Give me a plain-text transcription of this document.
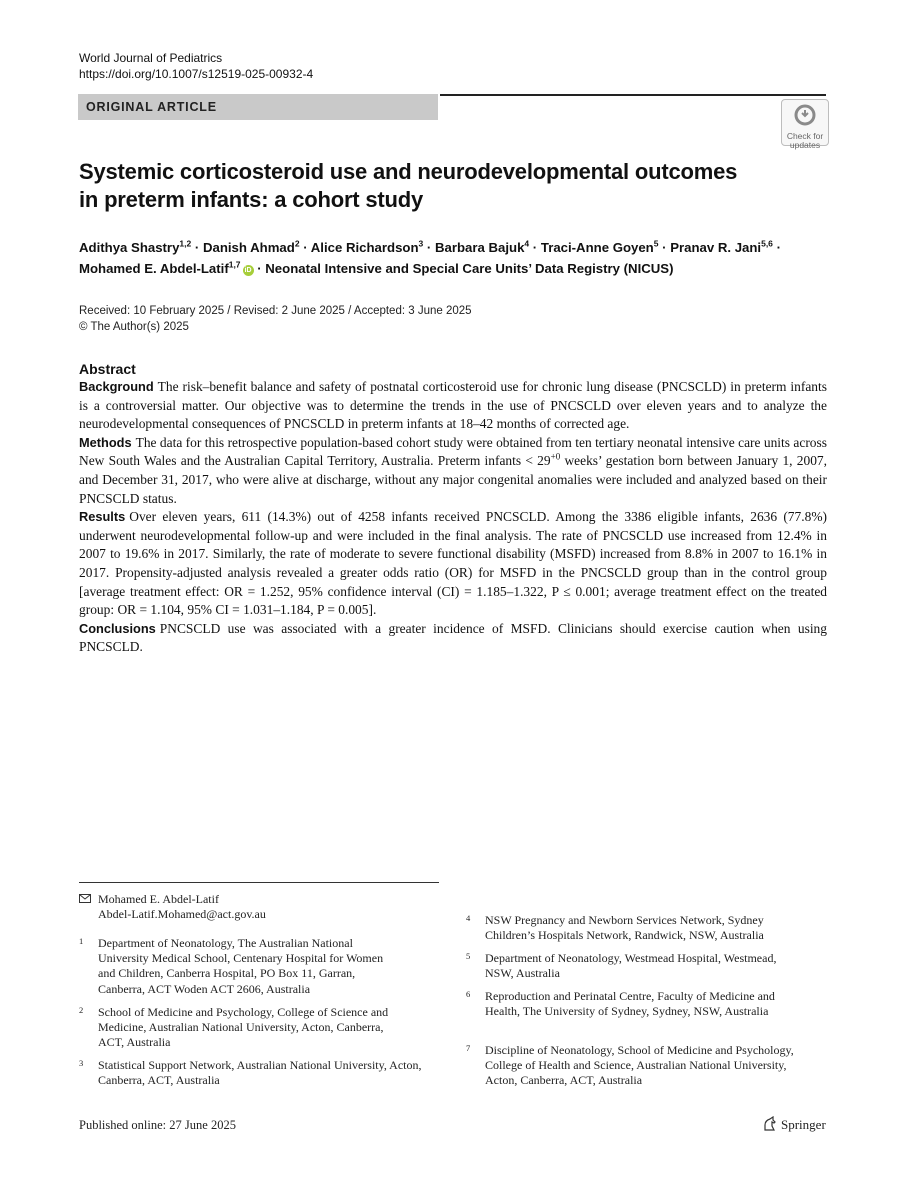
World Journal of Pediatrics
https://doi.org/10.1007/s12519-025-00932-4
ORIGINAL ARTICLE
Check for
updates
Systemic corticosteroid use and neurodevelopmental outcomes
in preterm infants: a cohort study
Adithya Shastry$^{1,2}$ · Danish Ahmad$^2$ · Alice Richardson$^3$ · Barbara Bajuk$^4$ · Traci-Anne Goyen$^5$ · Pranav R. Jani$^{5,6}$ ·
Mohamed E. Abdel-Latif$^{1,7}$iD · Neonatal Intensive and Special Care Units’ Data Registry (NICUS)
Received: 10 February 2025 / Revised: 2 June 2025 / Accepted: 3 June 2025
© The Author(s) 2025
Abstract

Background The risk–benefit balance and safety of postnatal corticosteroid use for chronic lung disease (PNCSCLD) in preterm infants is a controversial matter. Our objective was to determine the trends in the use of PNCSCLD over eleven years and to analyze the neurodevelopmental consequences of PNCSCLD in preterm infants at 18–42 months of corrected age.

Methods The data for this retrospective population-based cohort study were obtained from ten tertiary neonatal intensive care units across New South Wales and the Australian Capital Territory, Australia. Preterm infants < $29^{+0}$ weeks’ gestation born between January 1, 2007, and December 31, 2017, who were alive at discharge, without any major congenital anomalies were included and analyzed based on their PNCSCLD status.

Results Over eleven years, 611 (14.3%) out of 4258 infants received PNCSCLD. Among the 3386 eligible infants, 2636 (77.8%) underwent neurodevelopmental follow-up and were included in the final analysis. The rate of PNCSCLD use increased from 12.4% in 2007 to 19.6% in 2017. Similarly, the rate of moderate to severe functional disability (MSFD) increased from 8.8% in 2007 to 16.1% in 2017. Propensity-adjusted analysis revealed a greater odds ratio (OR) for MSFD in the PNCSCLD group than in the control group [average treatment effect: OR = 1.252, 95% confidence interval (CI) = 1.185–1.322, P ≤ 0.001; average treatment effect on the treated group: OR = 1.104, 95% CI = 1.031–1.184, P = 0.005].

Conclusions PNCSCLD use was associated with a greater incidence of MSFD. Clinicians should exercise caution when using PNCSCLD.

Mohamed E. Abdel-Latif
Abdel-Latif.Mohamed@act.gov.au
1 Department of Neonatology, The Australian National University Medical School, Centenary Hospital for Women and Children, Canberra Hospital, PO Box 11, Garran, Canberra, ACT Woden ACT 2606, Australia
2 School of Medicine and Psychology, College of Science and Medicine, Australian National University, Acton, Canberra, ACT, Australia
3 Statistical Support Network, Australian National University, Acton, Canberra, ACT, Australia
4 NSW Pregnancy and Newborn Services Network, Sydney Children’s Hospitals Network, Randwick, NSW, Australia
5 Department of Neonatology, Westmead Hospital, Westmead, NSW, Australia
6 Reproduction and Perinatal Centre, Faculty of Medicine and Health, The University of Sydney, Sydney, NSW, Australia
7 Discipline of Neonatology, School of Medicine and Psychology, College of Health and Science, Australian National University, Acton, Canberra, ACT, Australia
Published online: 27 June 2025	Springer
